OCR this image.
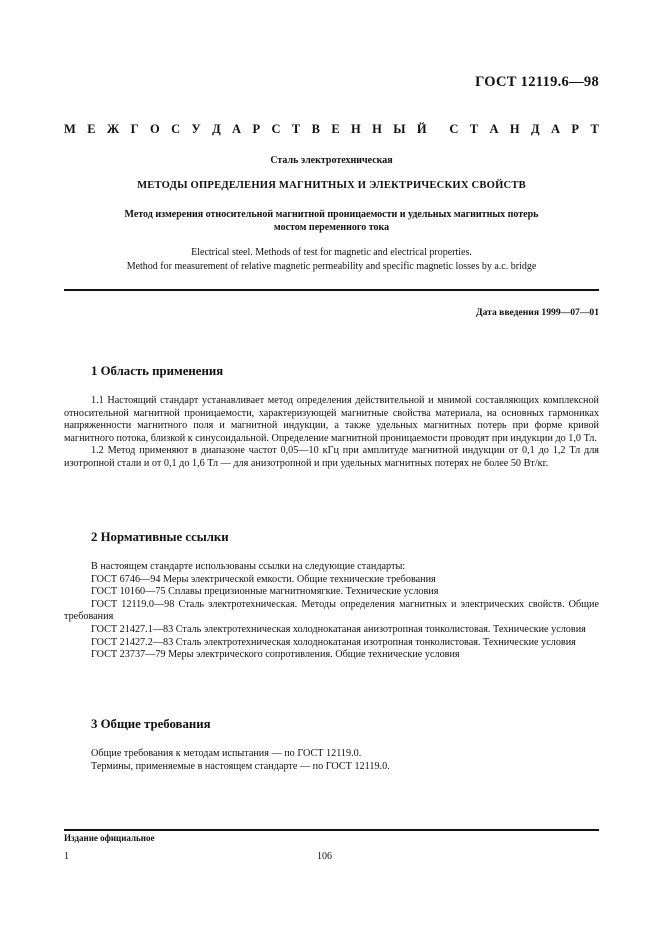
ГОСТ 12119.6—98
М Е Ж Г О С У Д А Р С Т В Е Н Н Ы Й С Т А Н Д А Р Т
Сталь электротехническая
МЕТОДЫ ОПРЕДЕЛЕНИЯ МАГНИТНЫХ И ЭЛЕКТРИЧЕСКИХ СВОЙСТВ
Метод измерения относительной магнитной проницаемости и удельных магнитных потерь
мостом переменного тока
Electrical steel. Methods of test for magnetic and electrical properties.
Method for measurement of relative magnetic permeability and specific magnetic losses by a.c. bridge
Дата введения 1999—07—01
1 Область применения

1.1 Настоящий стандарт устанавливает метод определения действительной и мнимой составляющих комплексной относительной магнитной проницаемости, характеризующей магнитные свойства материала, на основных гармониках напряженности магнитного поля и магнитной индукции, а также удельных магнитных потерь при форме кривой магнитного потока, близкой к синусоидальной. Определение магнитной проницаемости проводят при индукции до 1,0 Тл.

1.2 Метод применяют в диапазоне частот 0,05—10 кГц при амплитуде магнитной индукции от 0,1 до 1,2 Тл для изотропной стали и от 0,1 до 1,6 Тл — для анизотропной и при удельных магнитных потерях не более 50 Вт/кг.

2 Нормативные ссылки

В настоящем стандарте использованы ссылки на следующие стандарты:

ГОСТ 6746—94 Меры электрической емкости. Общие технические требования

ГОСТ 10160—75 Сплавы прецизионные магнитномягкие. Технические условия

ГОСТ 12119.0—98 Сталь электротехническая. Методы определения магнитных и электрических свойств. Общие требования

ГОСТ 21427.1—83 Сталь электротехническая холоднокатаная анизотропная тонколистовая. Технические условия

ГОСТ 21427.2—83 Сталь электротехническая холоднокатаная изотропная тонколистовая. Технические условия

ГОСТ 23737—79 Меры электрического сопротивления. Общие технические условия

3 Общие требования

Общие требования к методам испытания — по ГОСТ 12119.0.

Термины, применяемые в настоящем стандарте — по ГОСТ 12119.0.

Издание официальное
1	106
